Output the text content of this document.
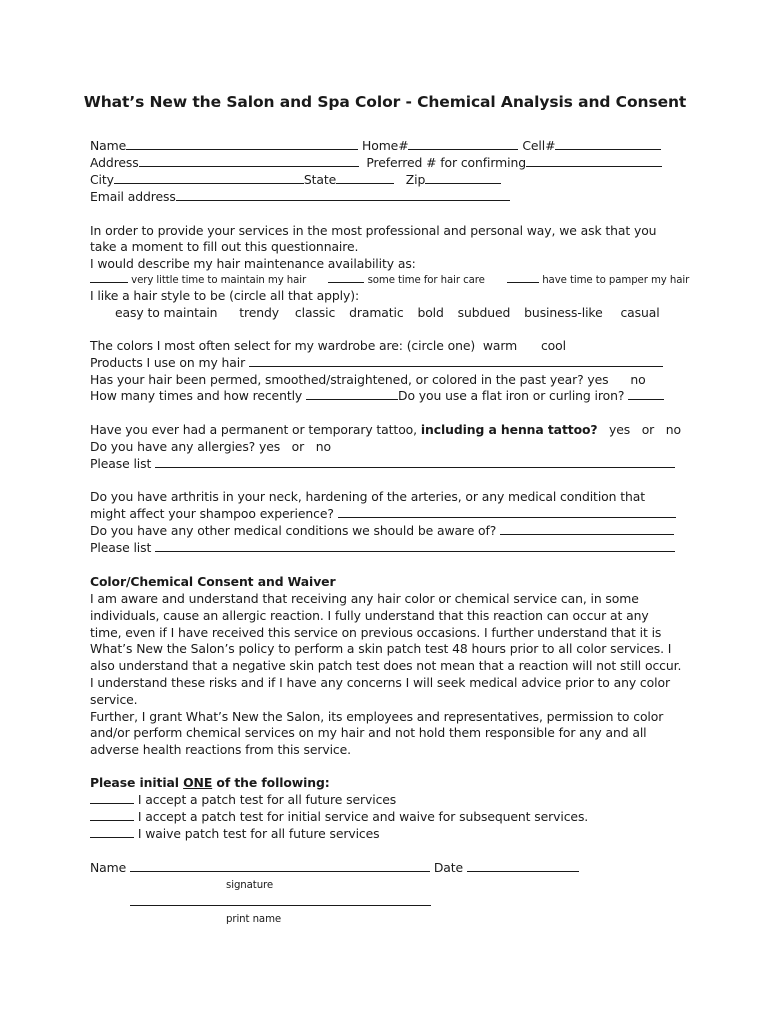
What’s New the Salon and Spa Color - Chemical Analysis and Consent
Name	Home#	Cell#
Address	Preferred # for confirming
City	State	Zip
Email address
In order to provide your services in the most professional and personal way, we ask that you
take a moment to fill out this questionnaire.
I would describe my hair maintenance availability as:
very little time to maintain my hair	some time for hair care	have time to pamper my hair
I like a hair style to be (circle all that apply):
easy to maintain trendy classic dramatic bold subdued business-like casual
The colors I most often select for my wardrobe are: (circle one) warm cool
Products I use on my hair
Has your hair been permed, smoothed/straightened, or colored in the past year? yes no
How many times and how recently	Do you use a flat iron or curling iron?
Have you ever had a permanent or temporary tattoo, including a henna tattoo? yes or no
Do you have any allergies? yes or no
Please list
Do you have arthritis in your neck, hardening of the arteries, or any medical condition that
might affect your shampoo experience?
Do you have any other medical conditions we should be aware of?
Please list
Color/Chemical Consent and Waiver
I am aware and understand that receiving any hair color or chemical service can, in some
individuals, cause an allergic reaction. I fully understand that this reaction can occur at any
time, even if I have received this service on previous occasions. I further understand that it is
What’s New the Salon’s policy to perform a skin patch test 48 hours prior to all color services. I
also understand that a negative skin patch test does not mean that a reaction will not still occur.
I understand these risks and if I have any concerns I will seek medical advice prior to any color
service.
Further, I grant What’s New the Salon, its employees and representatives, permission to color
and/or perform chemical services on my hair and not hold them responsible for any and all
adverse health reactions from this service.
Please initial ONE of the following:
I accept a patch test for all future services
I accept a patch test for initial service and waive for subsequent services.
I waive patch test for all future services
Name	Date
signature
print name
